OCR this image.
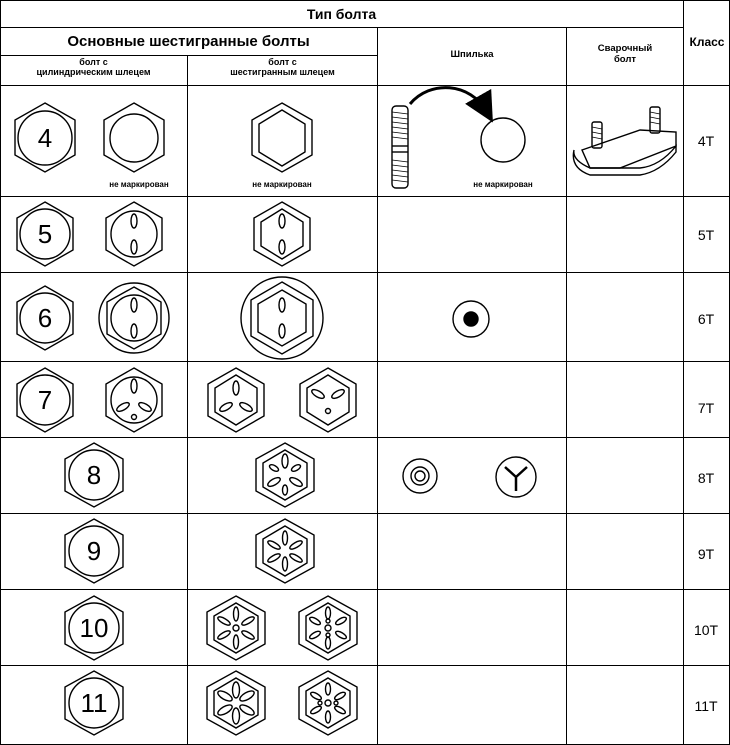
Тип болта
Основные шестигранные болты
болт с
цилиндрическим шлецем
болт с
шестигранным шлецем
Шпилька
Сварочный
болт
Класс
4
5
6
7
8
9
10
11
не маркирован	не маркирован	не маркирован
4T
5T
6T
7T
8T
9T
10T
11T
